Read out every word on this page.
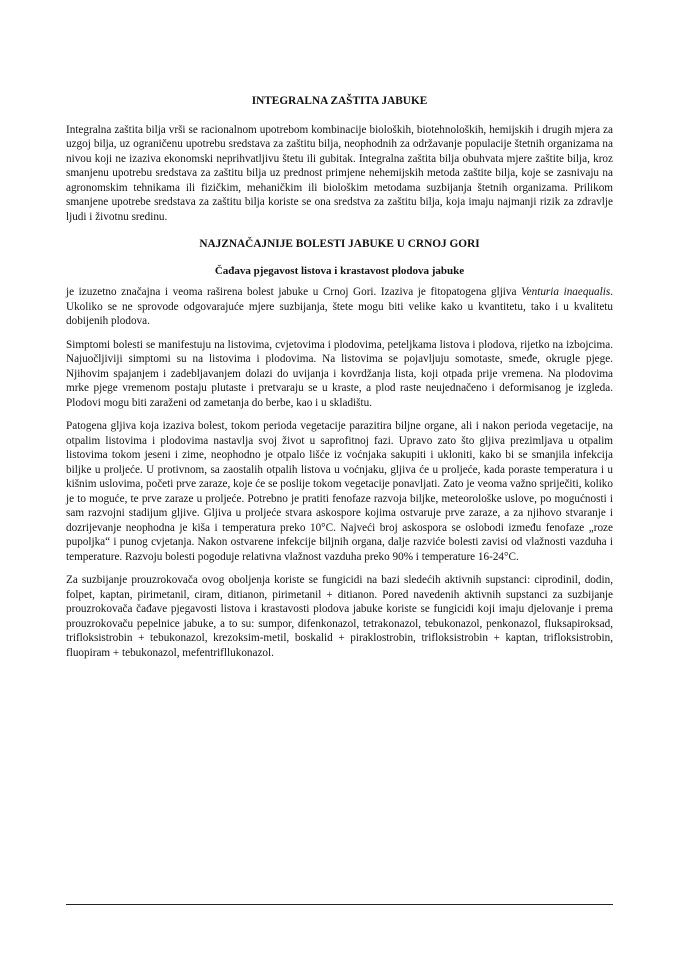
INTEGRALNA ZAŠTITA JABUKE

Integralna zaštita bilja vrši se racionalnom upotrebom kombinacije bioloških, biotehnoloških, hemijskih i drugih mjera za uzgoj bilja, uz ograničenu upotrebu sredstava za zaštitu bilja, neophodnih za održavanje populacije štetnih organizama na nivou koji ne izaziva ekonomski neprihvatljivu štetu ili gubitak. Integralna zaštita bilja obuhvata mjere zaštite bilja, kroz smanjenu upotrebu sredstava za zaštitu bilja uz prednost primjene nehemijskih metoda zaštite bilja, koje se zasnivaju na agronomskim tehnikama ili fizičkim, mehaničkim ili biološkim metodama suzbijanja štetnih organizama. Prilikom smanjene upotrebe sredstava za zaštitu bilja koriste se ona sredstva za zaštitu bilja, koja imaju najmanji rizik za zdravlje ljudi i životnu sredinu.

NAJZNAČAJNIJE BOLESTI JABUKE U CRNOJ GORI
Čađava pjegavost listova i krastavost plodova jabuke

je izuzetno značajna i veoma raširena bolest jabuke u Crnoj Gori. Izaziva je fitopatogena gljiva Venturia inaequalis. Ukoliko se ne sprovode odgovarajuće mjere suzbijanja, štete mogu biti velike kako u kvantitetu, tako i u kvalitetu dobijenih plodova.

Simptomi bolesti se manifestuju na listovima, cvjetovima i plodovima, peteljkama listova i plodova, rijetko na izbojcima. Najuočljiviji simptomi su na listovima i plodovima. Na listovima se pojavljuju somotaste, smeđe, okrugle pjege. Njihovim spajanjem i zadebljavanjem dolazi do uvijanja i kovrdžanja lista, koji otpada prije vremena. Na plodovima mrke pjege vremenom postaju plutaste i pretvaraju se u kraste, a plod raste neujednačeno i deformisanog je izgleda. Plodovi mogu biti zaraženi od zametanja do berbe, kao i u skladištu.

Patogena gljiva koja izaziva bolest, tokom perioda vegetacije parazitira biljne organe, ali i nakon perioda vegetacije, na otpalim listovima i plodovima nastavlja svoj život u saprofitnoj fazi. Upravo zato što gljiva prezimljava u otpalim listovima tokom jeseni i zime, neophodno je otpalo lišće iz voćnjaka sakupiti i ukloniti, kako bi se smanjila infekcija biljke u proljeće. U protivnom, sa zaostalih otpalih listova u voćnjaku, gljiva će u proljeće, kada poraste temperatura i u kišnim uslovima, početi prve zaraze, koje će se poslije tokom vegetacije ponavljati. Zato je veoma važno spriječiti, koliko je to moguće, te prve zaraze u proljeće. Potrebno je pratiti fenofaze razvoja bilјke, meteorološke uslove, po mogućnosti i sam razvojni stadijum gljive. Gljiva u proljeće stvara askospore kojima ostvaruje prve zaraze, a za njihovo stvaranje i dozrijevanje neophodna je kiša i temperatura preko 10°C. Najveći broj askospora se oslobodi između fenofaze „roze pupoljka“ i punog cvjetanja. Nakon ostvarene infekcije biljnih organa, dalje razviće bolesti zavisi od vlažnosti vazduha i temperature. Razvoju bolesti pogoduje relativna vlažnost vazduha preko 90% i temperature 16-24°C.

Za suzbijanje prouzrokovača ovog oboljenja koriste se fungicidi na bazi sledećih aktivnih supstanci: ciprodinil, dodin, folpet, kaptan, pirimetanil, ciram, ditianon, pirimetanil + ditianon. Pored navedenih aktivnih supstanci za suzbijanje prouzrokovača čađave pjegavosti listova i krastavosti plodova jabuke koriste se fungicidi koji imaju djelovanje i prema prouzrokovaču pepelnice jabuke, a to su: sumpor, difenkonazol, tetrakonazol, tebukonazol, penkonazol, fluksapiroksad, trifloksistrobin + tebukonazol, krezoksim-metil, boskalid + piraklostrobin, trifloksistrobin + kaptan, trifloksistrobin, fluopiram + tebukonazol, mefentrifllukonazol.
